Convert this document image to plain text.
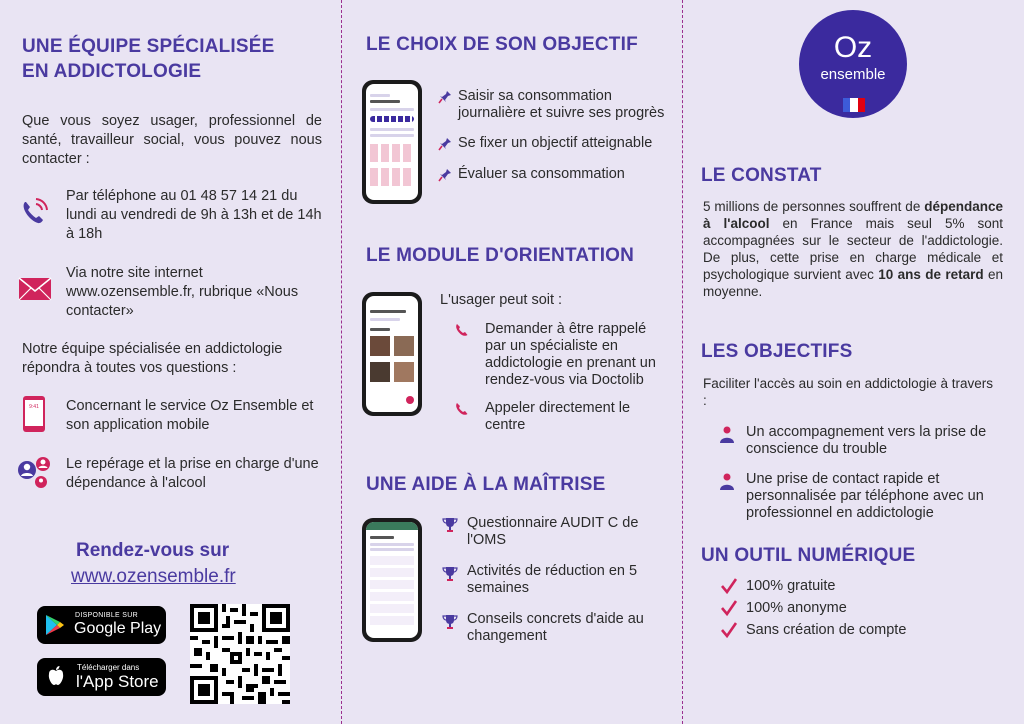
UNE ÉQUIPE SPÉCIALISÉE
EN ADDICTOLOGIE

Que vous soyez usager, professionnel de santé, travailleur social, vous pouvez nous contacter :

Par téléphone au 01 48 57 14 21 du lundi au vendredi de 9h à 13h et de 14h à 18h

Via notre site internet www.ozensemble.fr, rubrique «Nous contacter»

Notre équipe spécialisée en addictologie répondra à toutes vos questions :

9:41 Concernant le service Oz Ensemble et son application mobile

Le repérage et la prise en charge d'une dépendance à l'alcool

Rendez-vous sur
www.ozensemble.fr
DISPONIBLE SUR
Google Play
Télécharger dans
l'App Store
LE CHOIX DE SON OBJECTIF
Saisir sa consommation journalière et suivre ses progrès
Se fixer un objectif atteignable
Évaluer sa consommation
LE MODULE D'ORIENTATION
L'usager peut soit :
Demander à être rappelé par un spécialiste en addictologie en prenant un rendez-vous via Doctolib
Appeler directement le centre
UNE AIDE À LA MAÎTRISE
Questionnaire AUDIT C de l'OMS
Activités de réduction en 5 semaines
Conseils concrets d'aide au changement
Oz
ensemble
LE CONSTAT

5 millions de personnes souffrent de dépendance à l'alcool en France mais seul 5% sont accompagnées sur le secteur de l'addictologie. De plus, cette prise en charge médicale et psychologique survient avec 10 ans de retard en moyenne.

LES OBJECTIFS

Faciliter l'accès au soin en addictologie à travers :

Un accompagnement vers la prise de conscience du trouble
Une prise de contact rapide et personnalisée par téléphone avec un professionnel en addictologie
UN OUTIL NUMÉRIQUE
100% gratuite
100% anonyme
Sans création de compte
